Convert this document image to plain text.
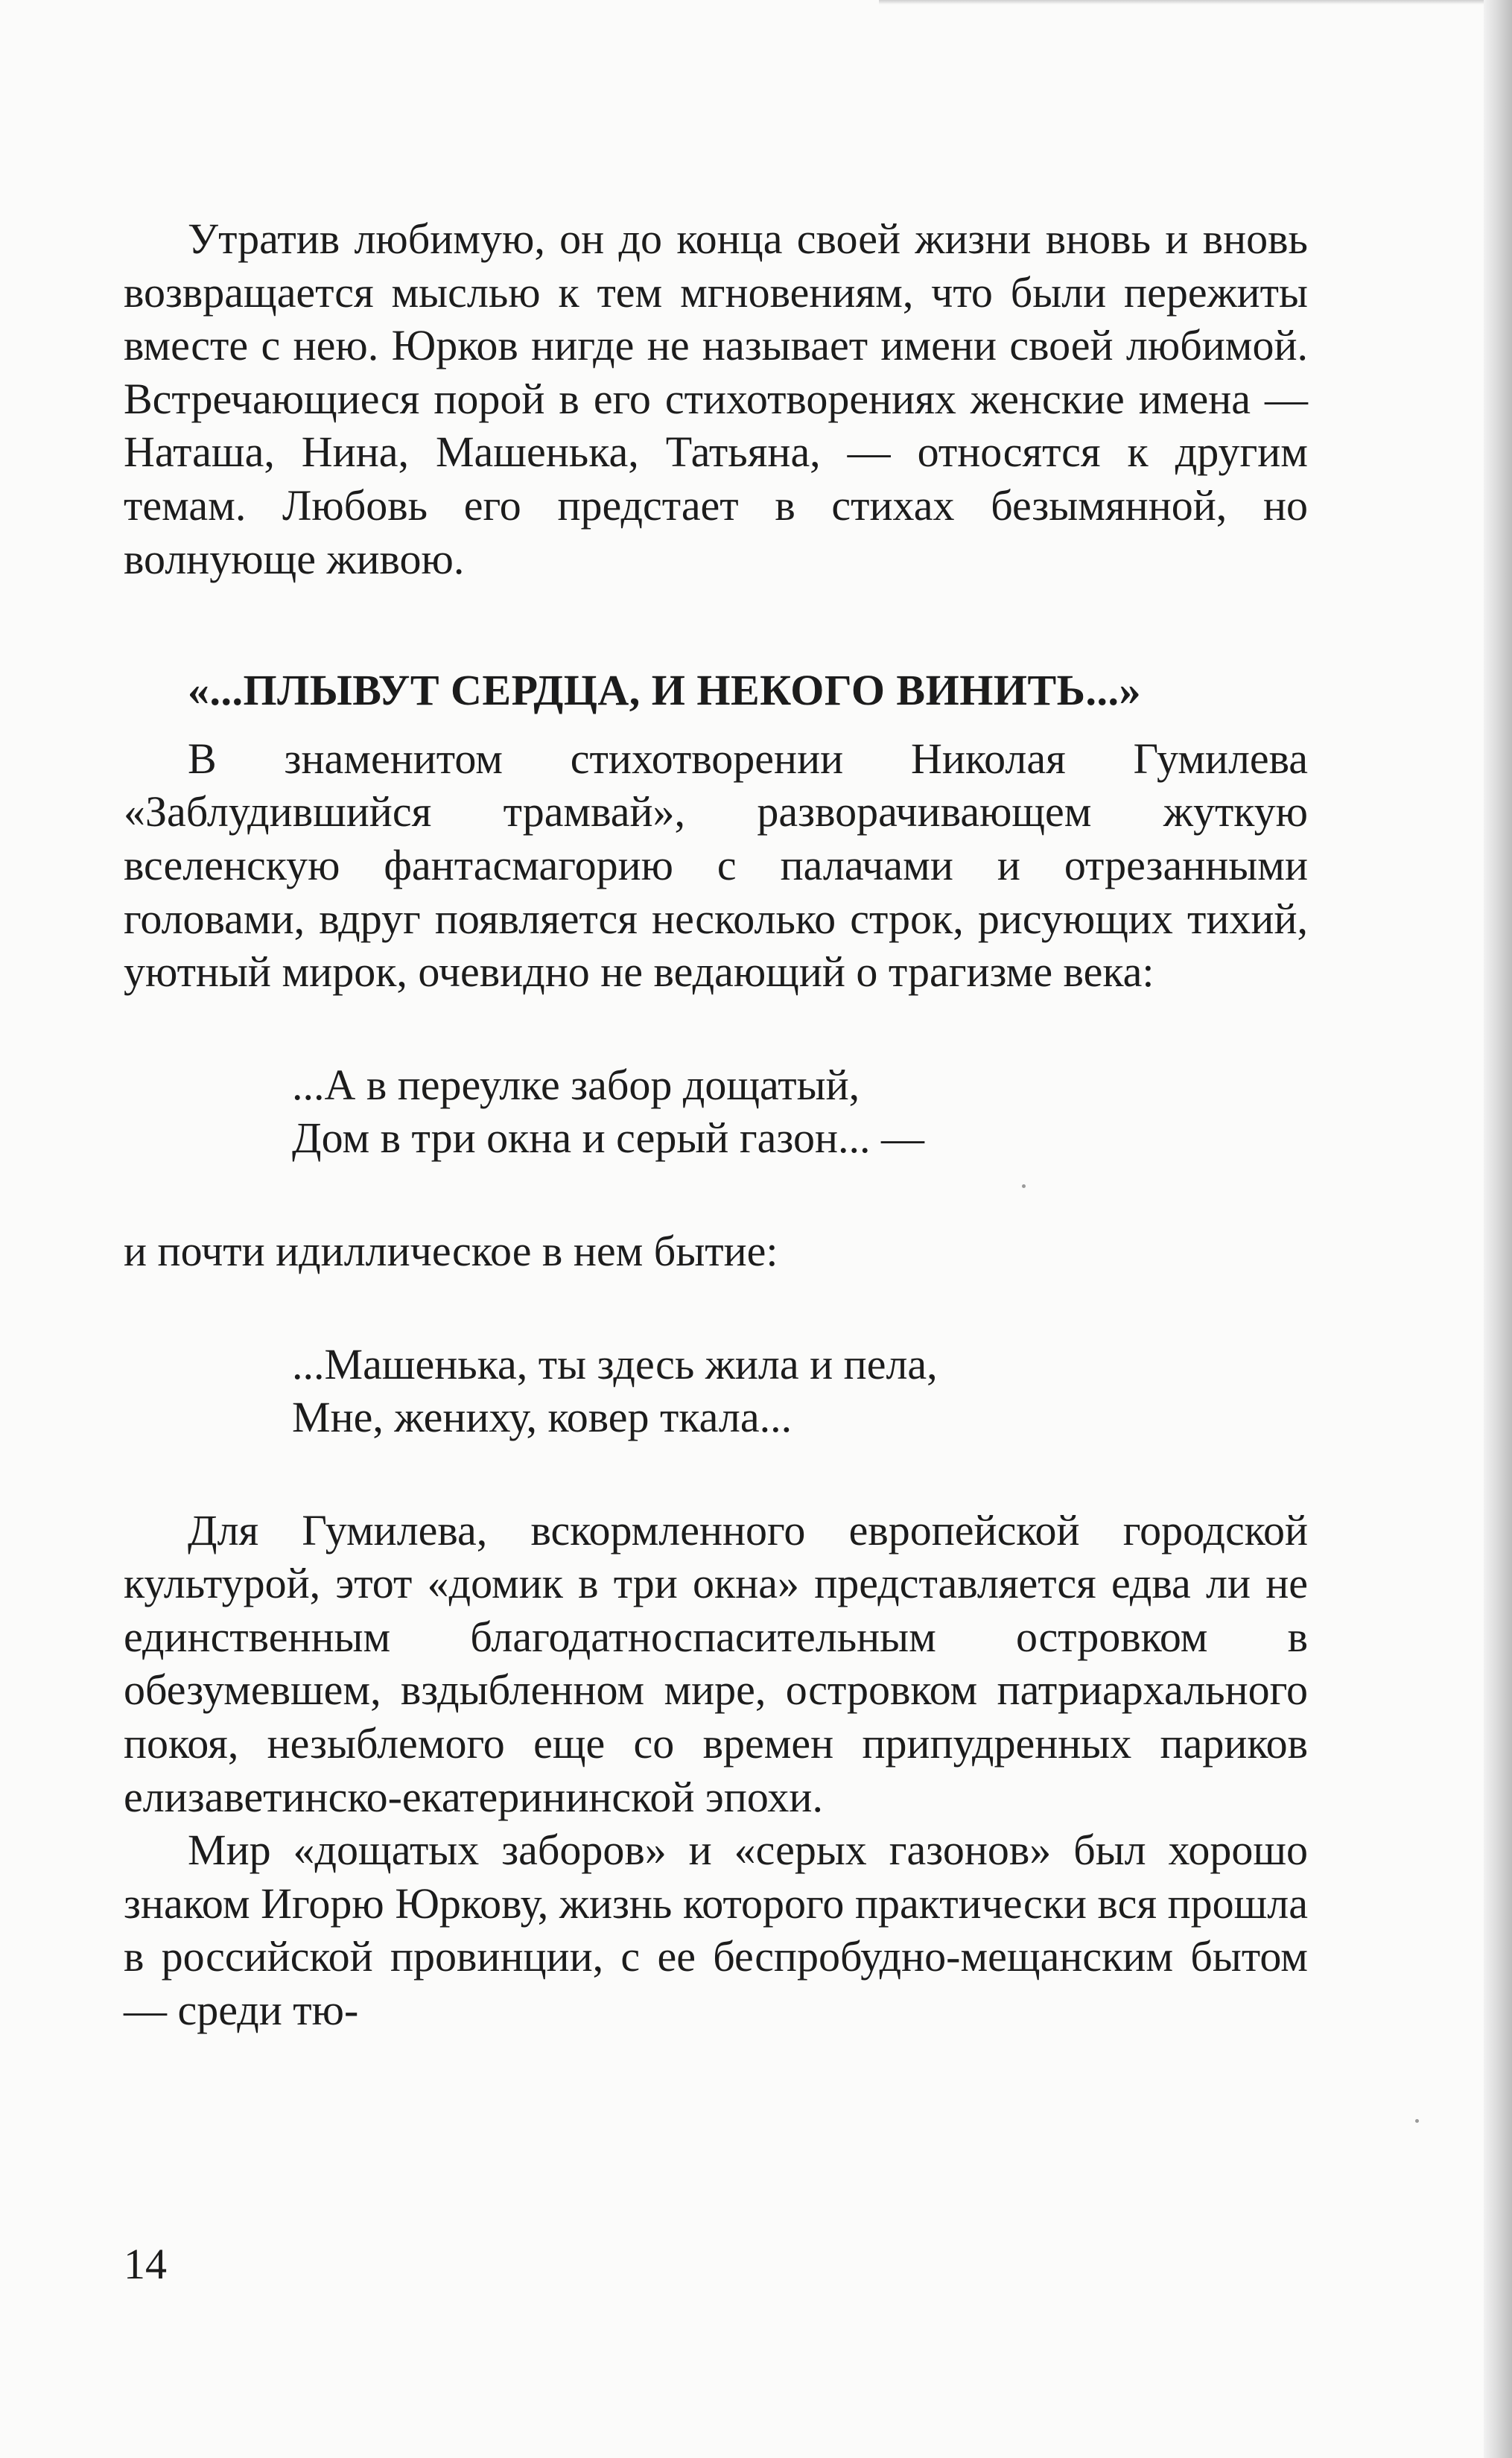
Утратив любимую, он до конца своей жизни вновь и вновь возвращается мыслью к тем мгновениям, что были пережиты вместе с нею. Юрков нигде не называет имени своей любимой. Встречающиеся порой в его стихотворениях женские имена — Наташа, Нина, Машенька, Татьяна, — относятся к другим темам. Любовь его предстает в стихах безымянной, но волнующе живою.

«...ПЛЫВУТ СЕРДЦА, И НЕКОГО ВИНИТЬ...»

В знаменитом стихотворении Николая Гумилева «Заблудившийся трамвай», разворачивающем жуткую вселенскую фантасмагорию с палачами и отрезанными головами, вдруг появляется несколько строк, рисующих тихий, уютный мирок, очевидно не ведающий о трагизме века:

...А в переулке забор дощатый,
Дом в три окна и серый газон... —

и почти идиллическое в нем бытие:

...Машенька, ты здесь жила и пела,
Мне, жениху, ковер ткала...

Для Гумилева, вскормленного европейской городской культурой, этот «домик в три окна» представляется едва ли не единственным благодатноспасительным островком в обезумевшем, вздыбленном мире, островком патриархального покоя, незыблемого еще со времен припудренных париков елизаветинско-екатерининской эпохи.

Мир «дощатых заборов» и «серых газонов» был хорошо знаком Игорю Юркову, жизнь которого практически вся прошла в российской провинции, с ее беспробудно-мещанским бытом — среди тю-

14
